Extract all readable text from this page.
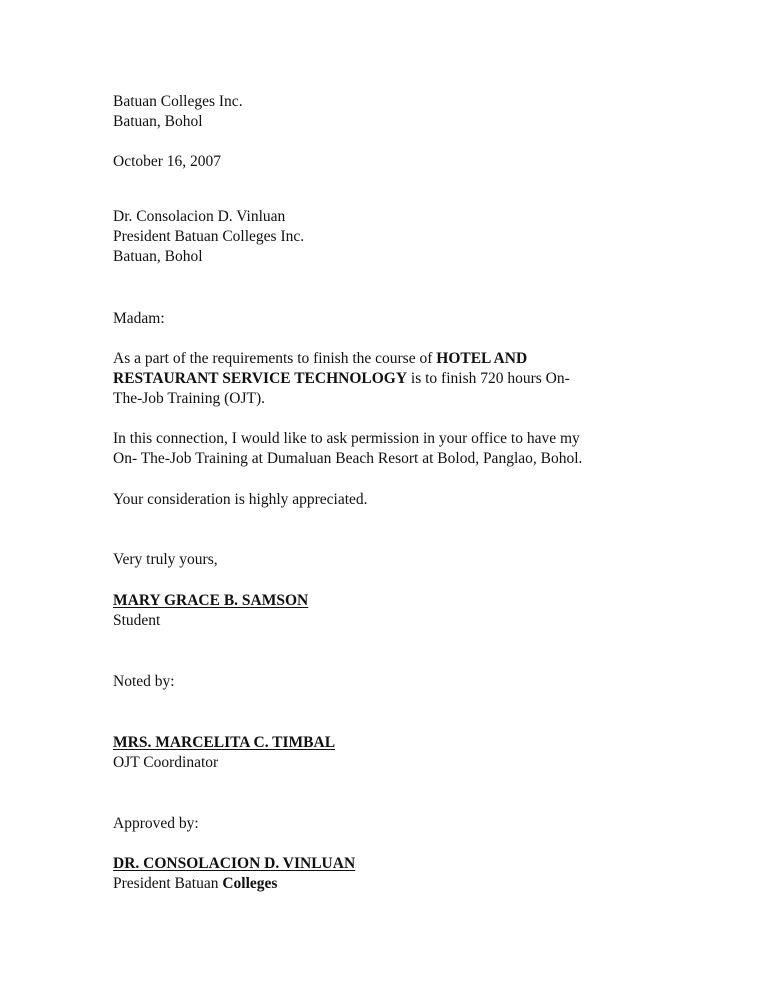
Batuan Colleges Inc.
Batuan, Bohol
October 16, 2007
Dr. Consolacion D. Vinluan
President Batuan Colleges Inc.
Batuan, Bohol
Madam:
As a part of the requirements to finish the course of HOTEL AND
RESTAURANT SERVICE TECHNOLOGY is to finish 720 hours On-
The-Job Training (OJT).
In this connection, I would like to ask permission in your office to have my
On- The-Job Training at Dumaluan Beach Resort at Bolod, Panglao, Bohol.
Your consideration is highly appreciated.
Very truly yours,
MARY GRACE B. SAMSON
Student
Noted by:
MRS. MARCELITA C. TIMBAL
OJT Coordinator
Approved by:
DR. CONSOLACION D. VINLUAN
President Batuan Colleges
